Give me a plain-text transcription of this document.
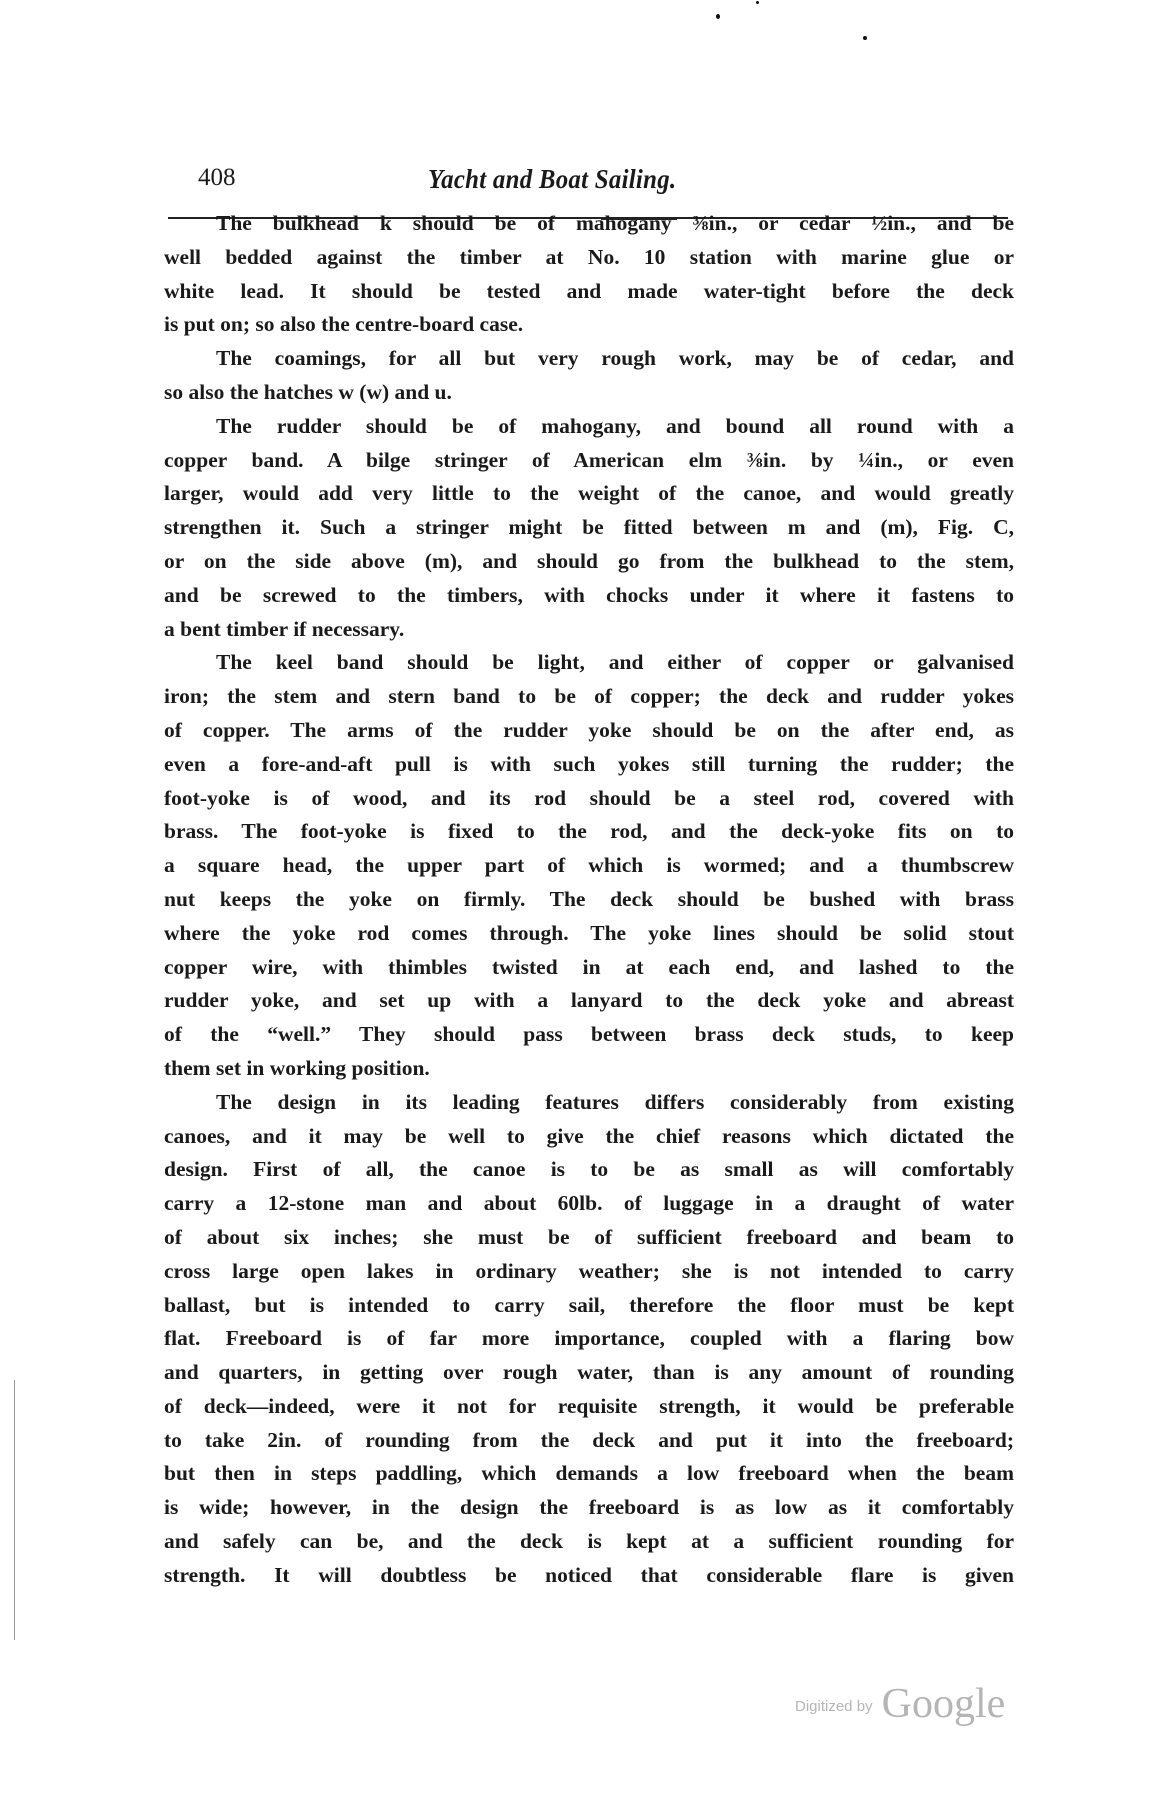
408	Yacht and Boat Sailing.
The bulkhead k should be of mahogany ⅜in., or cedar ½in., and be
well bedded against the timber at No. 10 station with marine glue or
white lead. It should be tested and made water-tight before the deck
is put on; so also the centre-board case.
The coamings, for all but very rough work, may be of cedar, and
so also the hatches w (w) and u.
The rudder should be of mahogany, and bound all round with a
copper band. A bilge stringer of American elm ⅜in. by ¼in., or even
larger, would add very little to the weight of the canoe, and would greatly
strengthen it. Such a stringer might be fitted between m and (m), Fig. C,
or on the side above (m), and should go from the bulkhead to the stem,
and be screwed to the timbers, with chocks under it where it fastens to
a bent timber if necessary.
The keel band should be light, and either of copper or galvanised
iron; the stem and stern band to be of copper; the deck and rudder yokes
of copper. The arms of the rudder yoke should be on the after end, as
even a fore-and-aft pull is with such yokes still turning the rudder; the
foot-yoke is of wood, and its rod should be a steel rod, covered with
brass. The foot-yoke is fixed to the rod, and the deck-yoke fits on to
a square head, the upper part of which is wormed; and a thumbscrew
nut keeps the yoke on firmly. The deck should be bushed with brass
where the yoke rod comes through. The yoke lines should be solid stout
copper wire, with thimbles twisted in at each end, and lashed to the
rudder yoke, and set up with a lanyard to the deck yoke and abreast
of the “well.” They should pass between brass deck studs, to keep
them set in working position.
The design in its leading features differs considerably from existing
canoes, and it may be well to give the chief reasons which dictated the
design. First of all, the canoe is to be as small as will comfortably
carry a 12-stone man and about 60lb. of luggage in a draught of water
of about six inches; she must be of sufficient freeboard and beam to
cross large open lakes in ordinary weather; she is not intended to carry
ballast, but is intended to carry sail, therefore the floor must be kept
flat. Freeboard is of far more importance, coupled with a flaring bow
and quarters, in getting over rough water, than is any amount of rounding
of deck—indeed, were it not for requisite strength, it would be preferable
to take 2in. of rounding from the deck and put it into the freeboard;
but then in steps paddling, which demands a low freeboard when the beam
is wide; however, in the design the freeboard is as low as it comfortably
and safely can be, and the deck is kept at a sufficient rounding for
strength. It will doubtless be noticed that considerable flare is given
Digitized by Google
